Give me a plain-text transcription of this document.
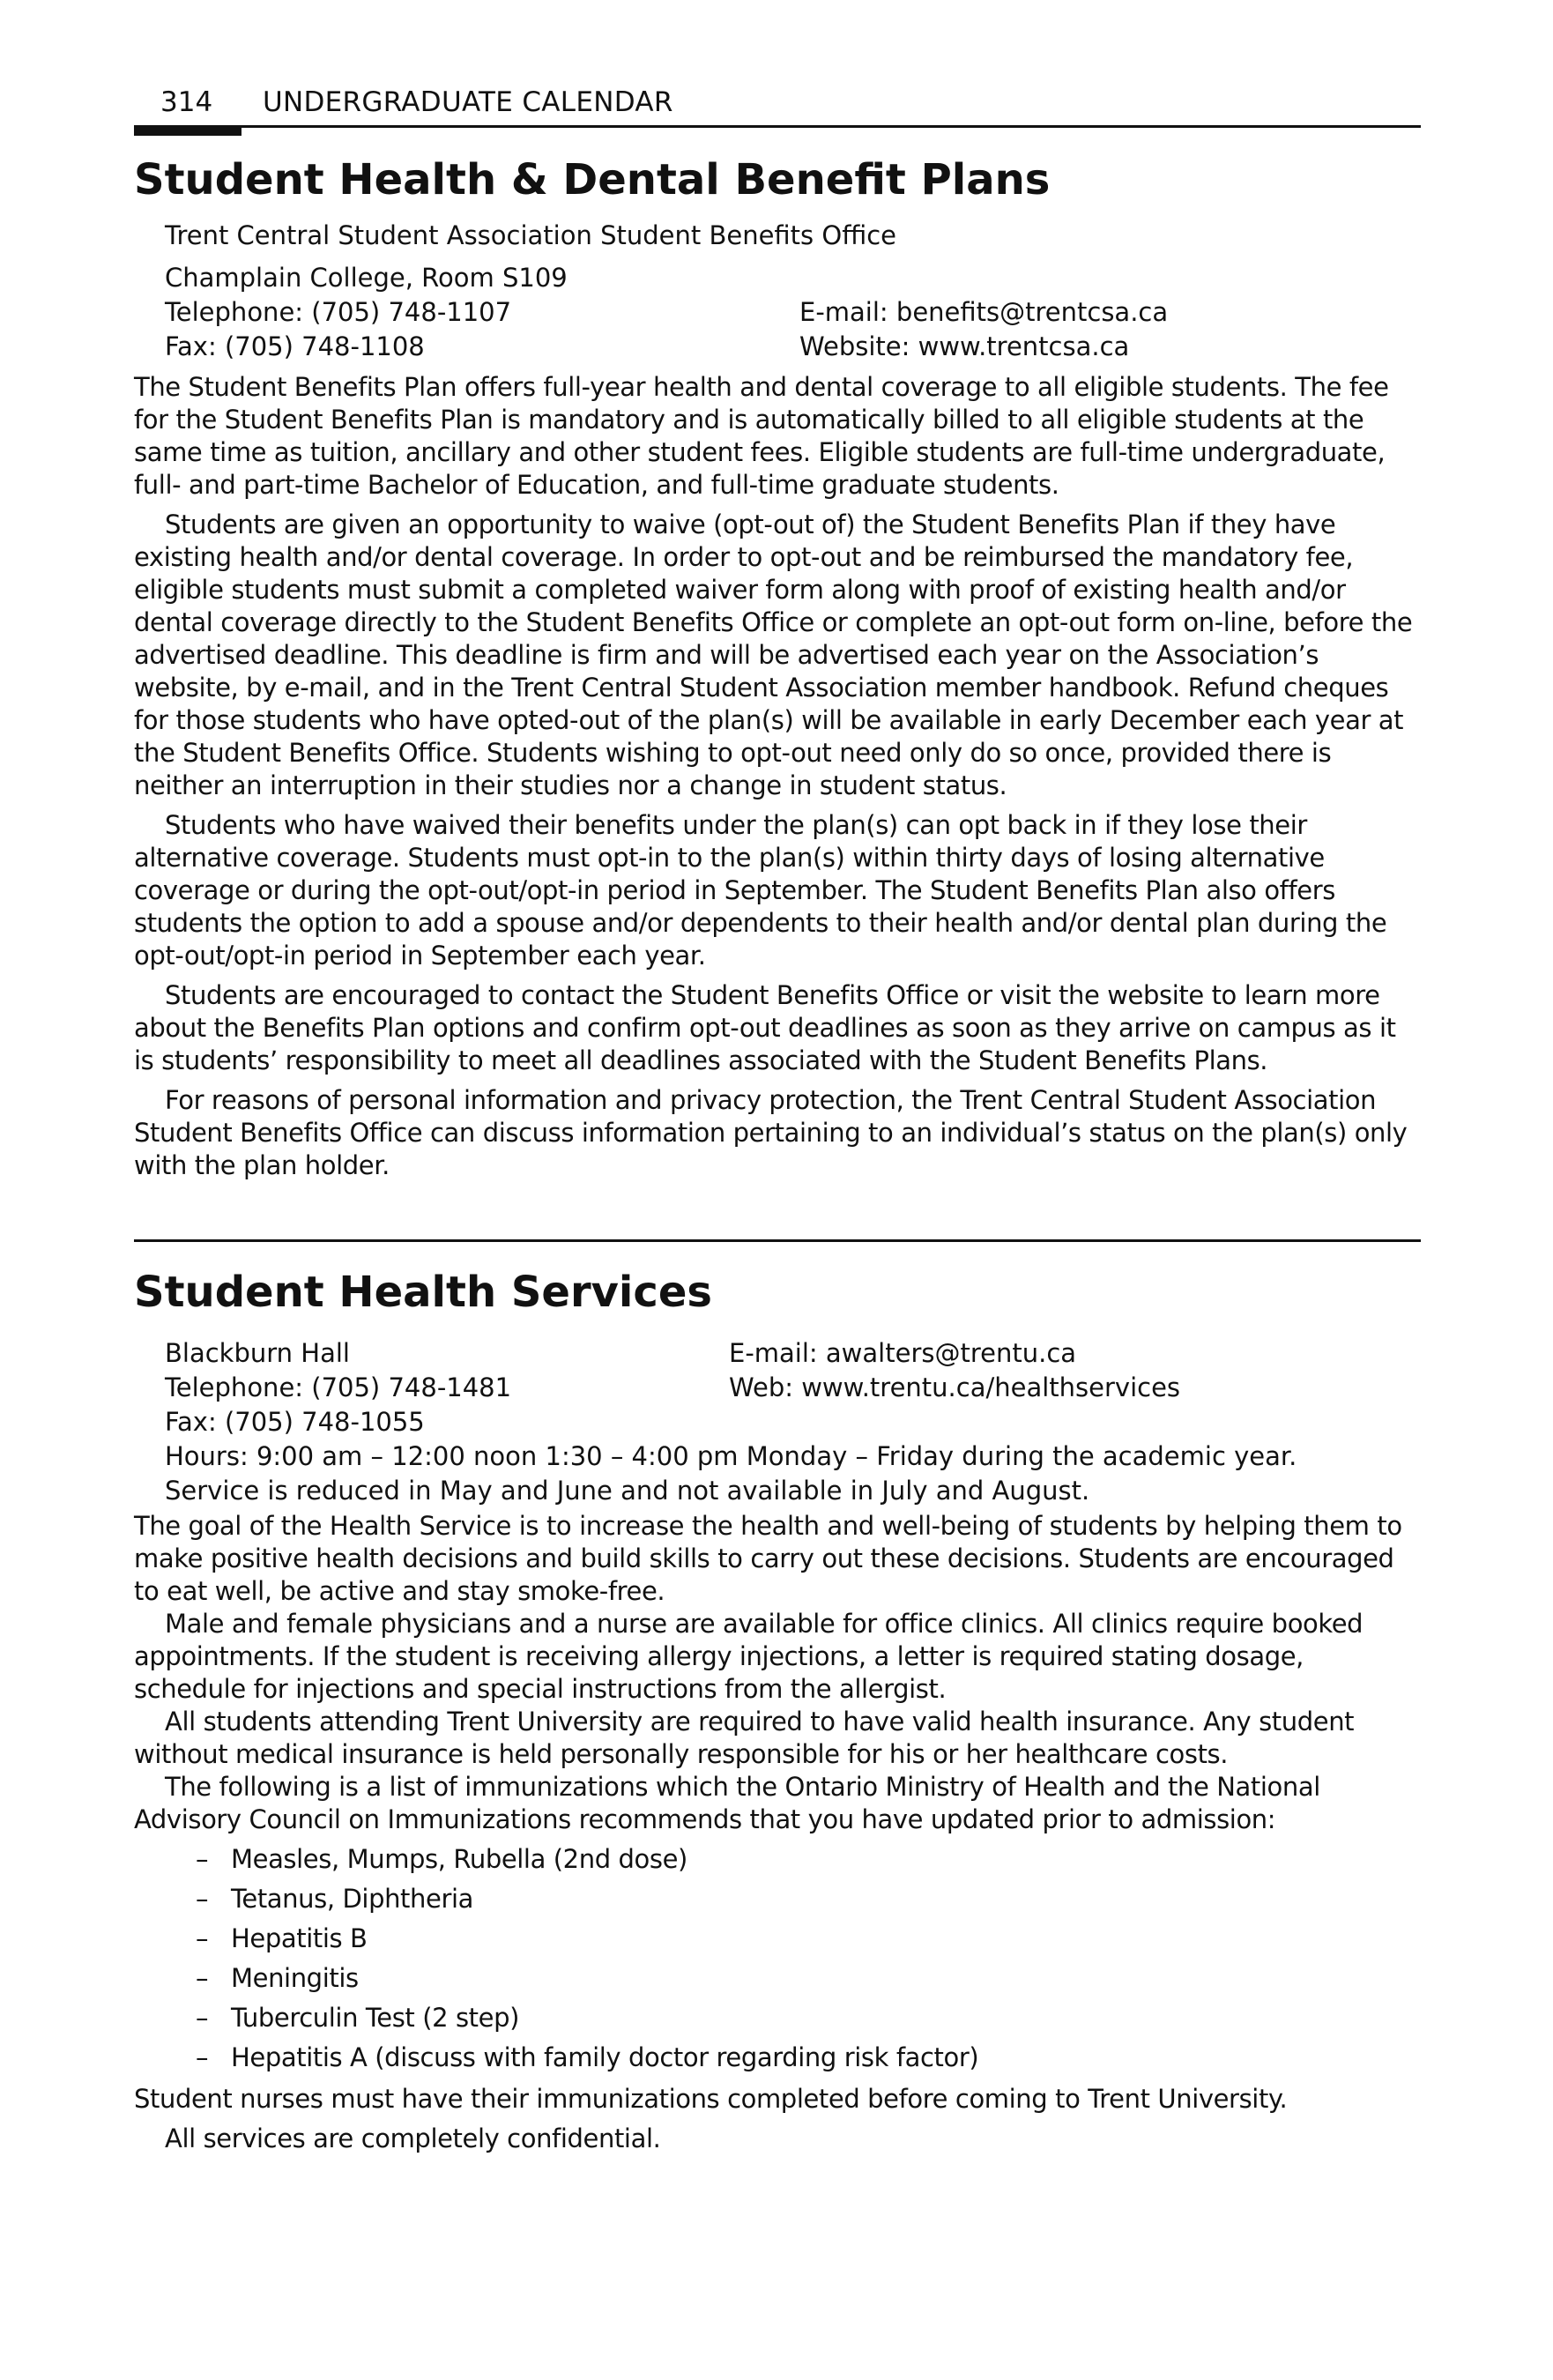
314 UNDERGRADUATE CALENDAR
Student Health & Dental Benefit Plans
Trent Central Student Association Student Benefits Office
Champlain College, Room S109
Telephone: (705) 748-1107	E-mail: benefits@trentcsa.ca
Fax: (705) 748-1108	Website: www.trentcsa.ca

The Student Benefits Plan offers full-year health and dental coverage to all eligible students. The fee for the Student Benefits Plan is mandatory and is automatically billed to all eligible students at the same time as tuition, ancillary and other student fees. Eligible students are full-time undergraduate, full- and part-time Bachelor of Education, and full-time graduate students.

Students are given an opportunity to waive (opt-out of) the Student Benefits Plan if they have existing health and/or dental coverage. In order to opt-out and be reimbursed the mandatory fee, eligible students must submit a completed waiver form along with proof of existing health and/or dental coverage directly to the Student Benefits Office or complete an opt-out form on-line, before the advertised deadline. This deadline is firm and will be advertised each year on the Association’s website, by e-mail, and in the Trent Central Student Association member handbook. Refund cheques for those students who have opted-out of the plan(s) will be available in early December each year at the Student Benefits Office. Students wishing to opt-out need only do so once, provided there is neither an interruption in their studies nor a change in student status.

Students who have waived their benefits under the plan(s) can opt back in if they lose their alternative coverage. Students must opt-in to the plan(s) within thirty days of losing alternative coverage or during the opt-out/opt-in period in September. The Student Benefits Plan also offers students the option to add a spouse and/or dependents to their health and/or dental plan during the opt-out/opt-in period in September each year.

Students are encouraged to contact the Student Benefits Office or visit the website to learn more about the Benefits Plan options and confirm opt-out deadlines as soon as they arrive on campus as it is students’ responsibility to meet all deadlines associated with the Student Benefits Plans.

For reasons of personal information and privacy protection, the Trent Central Student Association Student Benefits Office can discuss information pertaining to an individual’s status on the plan(s) only with the plan holder.

Student Health Services
Blackburn Hall	E-mail: awalters@trentu.ca
Telephone: (705) 748-1481	Web: www.trentu.ca/healthservices
Fax: (705) 748-1055
Hours: 9:00 am – 12:00 noon 1:30 – 4:00 pm Monday – Friday during the academic year.
Service is reduced in May and June and not available in July and August.

The goal of the Health Service is to increase the health and well-being of students by helping them to make positive health decisions and build skills to carry out these decisions. Students are encouraged to eat well, be active and stay smoke-free.

Male and female physicians and a nurse are available for office clinics. All clinics require booked appointments. If the student is receiving allergy injections, a letter is required stating dosage, schedule for injections and special instructions from the allergist.

All students attending Trent University are required to have valid health insurance. Any student without medical insurance is held personally responsible for his or her healthcare costs.

The following is a list of immunizations which the Ontario Ministry of Health and the National Advisory Council on Immunizations recommends that you have updated prior to admission:

– Measles, Mumps, Rubella (2nd dose)
– Tetanus, Diphtheria
– Hepatitis B
– Meningitis
– Tuberculin Test (2 step)
– Hepatitis A (discuss with family doctor regarding risk factor)

Student nurses must have their immunizations completed before coming to Trent University.

All services are completely confidential.
